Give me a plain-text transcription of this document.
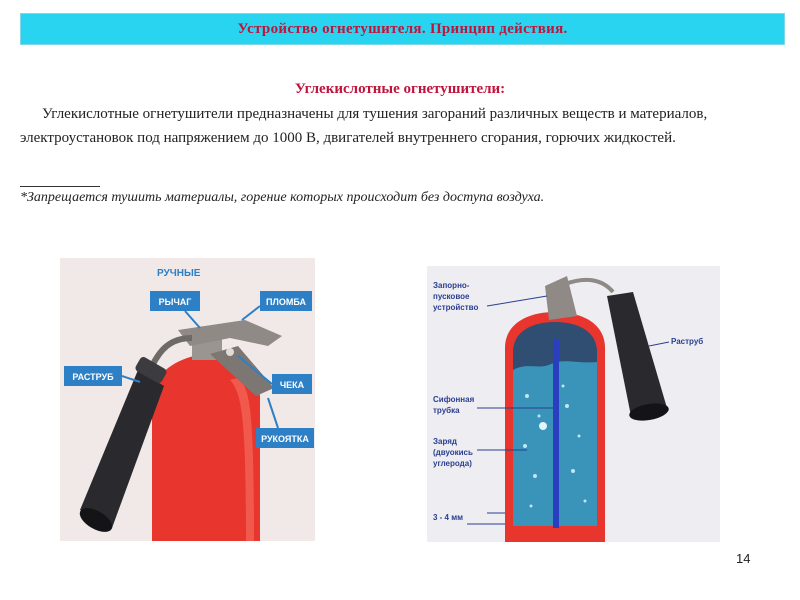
Устройство огнетушителя. Принцип действия.
Углекислотные огнетушители:
Углекислотные огнетушители предназначены для тушения загораний различных веществ и материалов, электроустановок под напряжением до 1000 В, двигателей внутреннего сгорания, горючих жидкостей.
*Запрещается тушить материалы, горение которых происходит без доступа воздуха.
РУЧНЫЕ
РЫЧАГ	ПЛОМБА
РАСТРУБ
ЧЕКА
РУКОЯТКА
Запорно-
пусковое
устройство
Раструб
Сифонная
трубка
Заряд
(двуокись
углерода)
3 - 4 мм
14
